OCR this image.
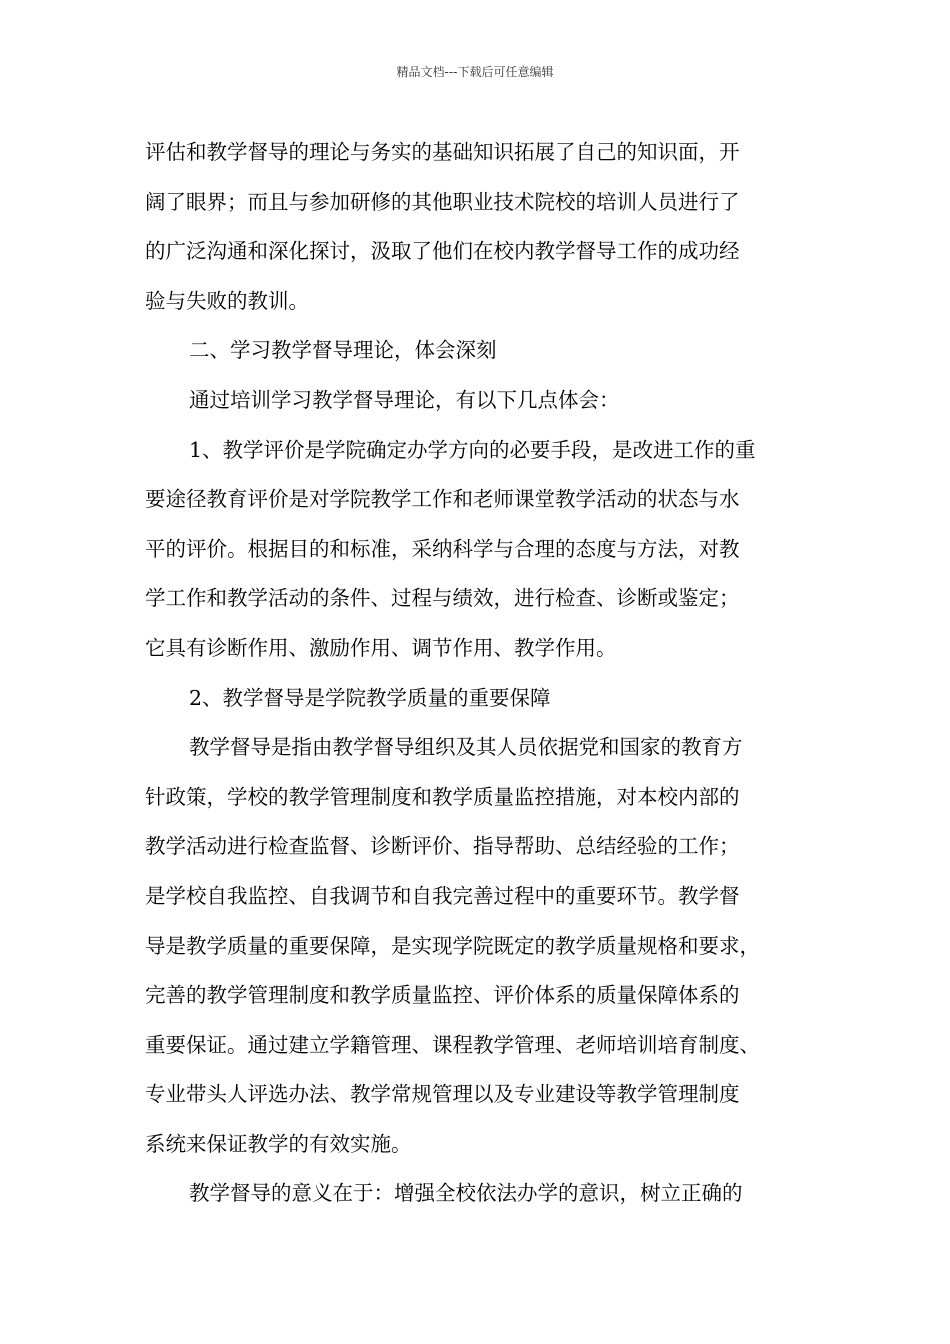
精品文档---下载后可任意编辑
评估和教学督导的理论与务实的基础知识拓展了自己的知识面，开
阔了眼界；而且与参加研修的其他职业技术院校的培训人员进行了
的广泛沟通和深化探讨，汲取了他们在校内教学督导工作的成功经
验与失败的教训。
二、学习教学督导理论，体会深刻
通过培训学习教学督导理论，有以下几点体会：
1、教学评价是学院确定办学方向的必要手段，是改进工作的重
要途径教育评价是对学院教学工作和老师课堂教学活动的状态与水
平的评价。根据目的和标准，采纳科学与合理的态度与方法，对教
学工作和教学活动的条件、过程与绩效，进行检查、诊断或鉴定；
它具有诊断作用、激励作用、调节作用、教学作用。
2、教学督导是学院教学质量的重要保障
教学督导是指由教学督导组织及其人员依据党和国家的教育方
针政策，学校的教学管理制度和教学质量监控措施，对本校内部的
教学活动进行检查监督、诊断评价、指导帮助、总结经验的工作；
是学校自我监控、自我调节和自我完善过程中的重要环节。教学督
导是教学质量的重要保障，是实现学院既定的教学质量规格和要求，
完善的教学管理制度和教学质量监控、评价体系的质量保障体系的
重要保证。通过建立学籍管理、课程教学管理、老师培训培育制度、
专业带头人评选办法、教学常规管理以及专业建设等教学管理制度
系统来保证教学的有效实施。
教学督导的意义在于：增强全校依法办学的意识，树立正确的
